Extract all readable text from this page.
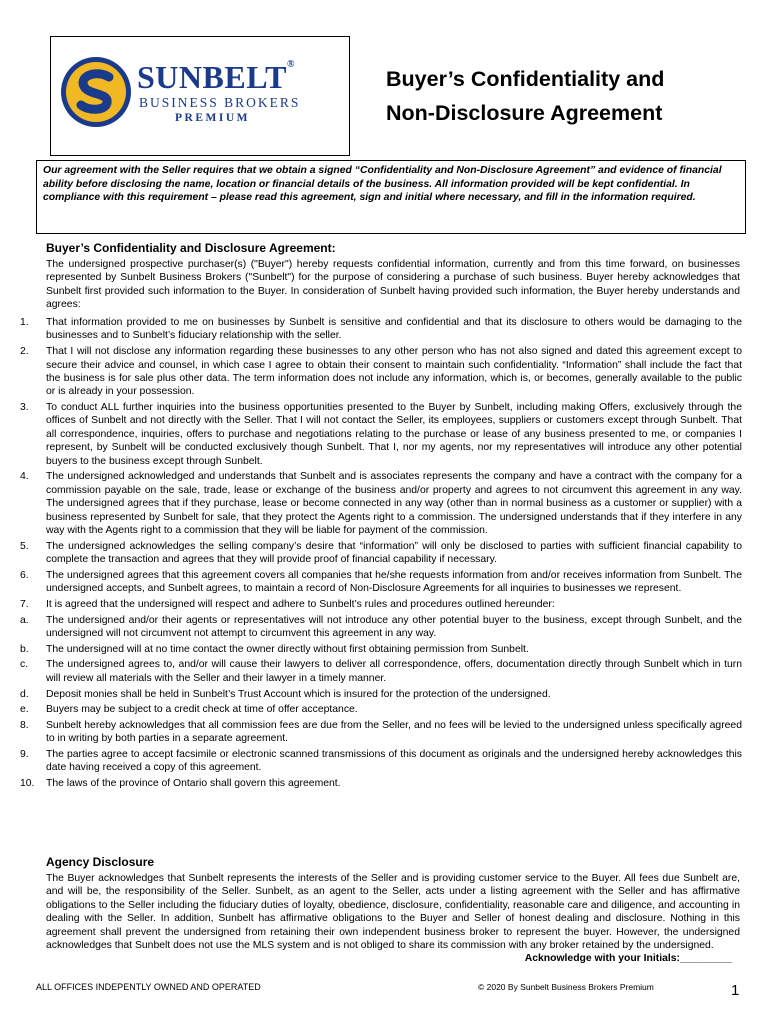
SUNBELT®
BUSINESS BROKERS
PREMIUM
Buyer’s Confidentiality and
Non-Disclosure Agreement
Our agreement with the Seller requires that we obtain a signed “Confidentiality and Non-Disclosure Agreement” and evidence of financial ability before disclosing the name, location or financial details of the business. All information provided will be kept confidential. In compliance with this requirement – please read this agreement, sign and initial where necessary, and fill in the information required.
Buyer’s Confidentiality and Disclosure Agreement:
The undersigned prospective purchaser(s) ("Buyer") hereby requests confidential information, currently and from this time forward, on businesses represented by Sunbelt Business Brokers ("Sunbelt") for the purpose of considering a purchase of such business. Buyer hereby acknowledges that Sunbelt first provided such information to the Buyer. In consideration of Sunbelt having provided such information, the Buyer hereby understands and agrees:
1.	That information provided to me on businesses by Sunbelt is sensitive and confidential and that its disclosure to others would be damaging to the businesses and to Sunbelt’s fiduciary relationship with the seller.
2.	That I will not disclose any information regarding these businesses to any other person who has not also signed and dated this agreement except to secure their advice and counsel, in which case I agree to obtain their consent to maintain such confidentiality. “Information” shall include the fact that the business is for sale plus other data. The term information does not include any information, which is, or becomes, generally available to the public or is already in your possession.
3.	To conduct ALL further inquiries into the business opportunities presented to the Buyer by Sunbelt, including making Offers, exclusively through the offices of Sunbelt and not directly with the Seller. That I will not contact the Seller, its employees, suppliers or customers except through Sunbelt. That all correspondence, inquiries, offers to purchase and negotiations relating to the purchase or lease of any business presented to me, or companies I represent, by Sunbelt will be conducted exclusively though Sunbelt. That I, nor my agents, nor my representatives will introduce any other potential buyers to the business except through Sunbelt.
4.	The undersigned acknowledged and understands that Sunbelt and is associates represents the company and have a contract with the company for a commission payable on the sale, trade, lease or exchange of the business and/or property and agrees to not circumvent this agreement in any way. The undersigned agrees that if they purchase, lease or become connected in any way (other than in normal business as a customer or supplier) with a business represented by Sunbelt for sale, that they protect the Agents right to a commission. The undersigned understands that if they interfere in any way with the Agents right to a commission that they will be liable for payment of the commission.
5.	The undersigned acknowledges the selling company’s desire that “information” will only be disclosed to parties with sufficient financial capability to complete the transaction and agrees that they will provide proof of financial capability if necessary.
6.	The undersigned agrees that this agreement covers all companies that he/she requests information from and/or receives information from Sunbelt. The undersigned accepts, and Sunbelt agrees, to maintain a record of Non-Disclosure Agreements for all inquiries to businesses we represent.
7.	It is agreed that the undersigned will respect and adhere to Sunbelt’s rules and procedures outlined hereunder:
a.	The undersigned and/or their agents or representatives will not introduce any other potential buyer to the business, except through Sunbelt, and the undersigned will not circumvent not attempt to circumvent this agreement in any way.
b.	The undersigned will at no time contact the owner directly without first obtaining permission from Sunbelt.
c.	The undersigned agrees to, and/or will cause their lawyers to deliver all correspondence, offers, documentation directly through Sunbelt which in turn will review all materials with the Seller and their lawyer in a timely manner.
d.	Deposit monies shall be held in Sunbelt’s Trust Account which is insured for the protection of the undersigned.
e.	Buyers may be subject to a credit check at time of offer acceptance.
8.	Sunbelt hereby acknowledges that all commission fees are due from the Seller, and no fees will be levied to the undersigned unless specifically agreed to in writing by both parties in a separate agreement.
9.	The parties agree to accept facsimile or electronic scanned transmissions of this document as originals and the undersigned hereby acknowledges this date having received a copy of this agreement.
10.	The laws of the province of Ontario shall govern this agreement.
Agency Disclosure
The Buyer acknowledges that Sunbelt represents the interests of the Seller and is providing customer service to the Buyer. All fees due Sunbelt are, and will be, the responsibility of the Seller. Sunbelt, as an agent to the Seller, acts under a listing agreement with the Seller and has affirmative obligations to the Seller including the fiduciary duties of loyalty, obedience, disclosure, confidentiality, reasonable care and diligence, and accounting in dealing with the Seller. In addition, Sunbelt has affirmative obligations to the Buyer and Seller of honest dealing and disclosure. Nothing in this agreement shall prevent the undersigned from retaining their own independent business broker to represent the buyer. However, the undersigned acknowledges that Sunbelt does not use the MLS system and is not obliged to share its commission with any broker retained by the undersigned.
Acknowledge with your Initials:_________
ALL OFFICES INDEPENTLY OWNED AND OPERATED	© 2020 By Sunbelt Business Brokers Premium	1
